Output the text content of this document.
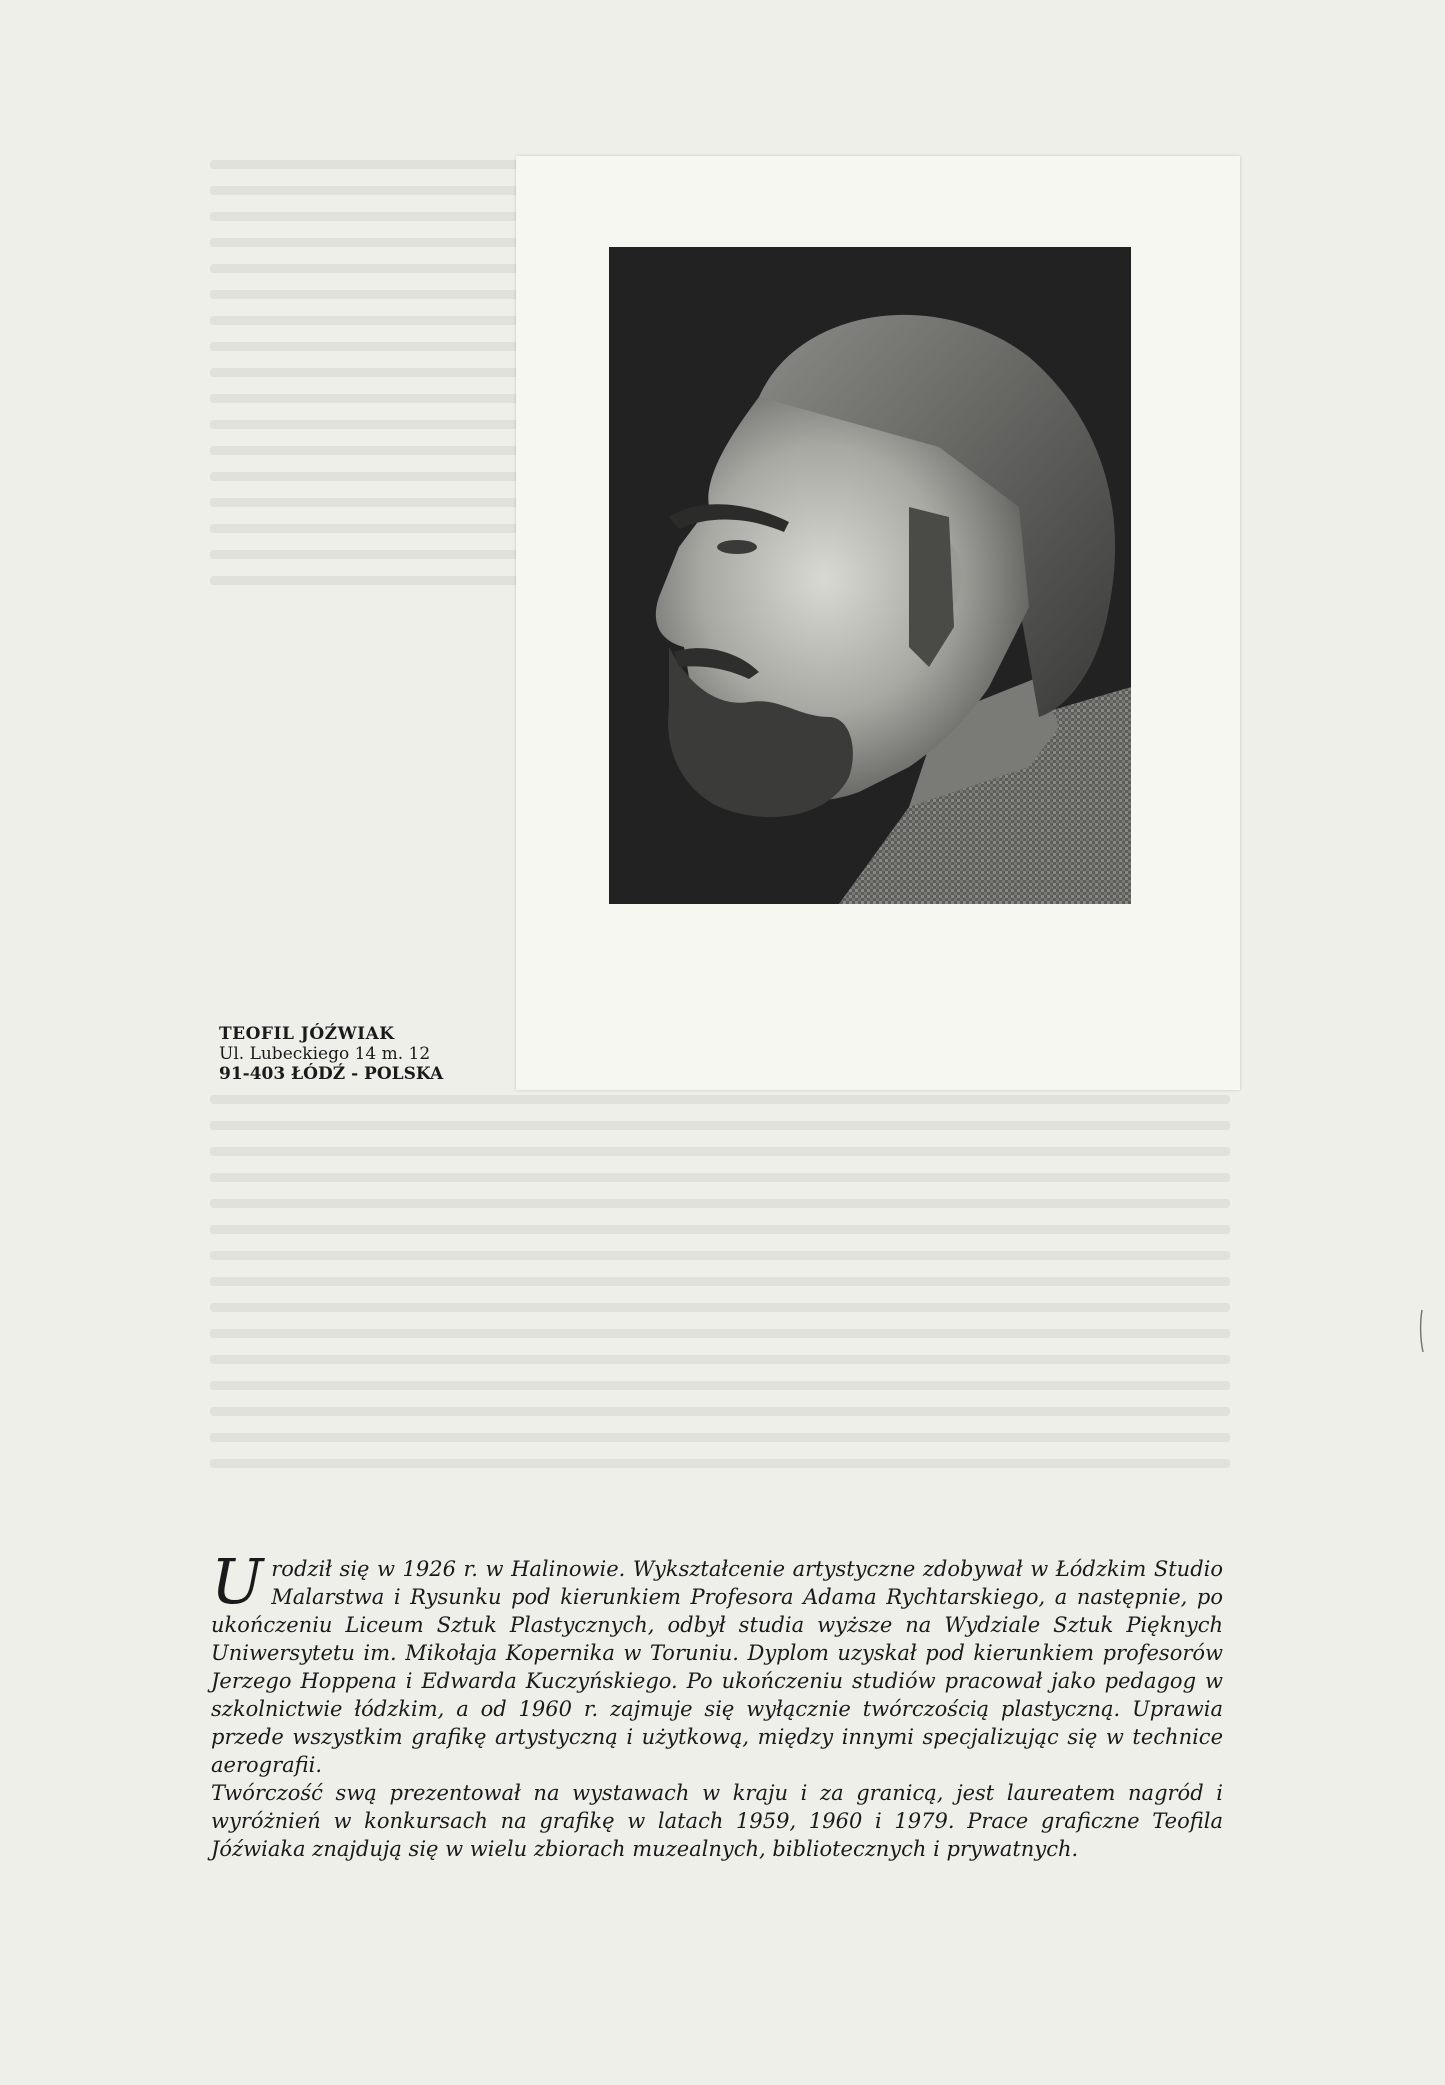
TEOFIL JÓŹWIAK
Ul. Lubeckiego 14 m. 12
91-403 ŁÓDŹ - POLSKA

Urodził się w 1926 r. w Halinowie. Wykształcenie artystyczne zdobywał w Łódzkim Studio Malarstwa i Rysunku pod kierunkiem Profesora Adama Rychtarskiego, a następnie, po ukończeniu Liceum Sztuk Plastycznych, odbył studia wyższe na Wydziale Sztuk Pięknych Uniwersytetu im. Mikołaja Kopernika w Toruniu. Dyplom uzyskał pod kierunkiem profesorów Jerzego Hoppena i Edwarda Kuczyńskiego. Po ukończeniu studiów pracował jako pedagog w szkolnictwie łódzkim, a od 1960 r. zajmuje się wyłącznie twórczością plastyczną. Uprawia przede wszystkim grafikę artystyczną i użytkową, między innymi specjalizując się w technice aerografii.

Twórczość swą prezentował na wystawach w kraju i za granicą, jest laureatem nagród i wyróżnień w konkursach na grafikę w latach 1959, 1960 i 1979. Prace graficzne Teofila Jóźwiaka znajdują się w wielu zbiorach muzealnych, bibliotecznych i prywatnych.
